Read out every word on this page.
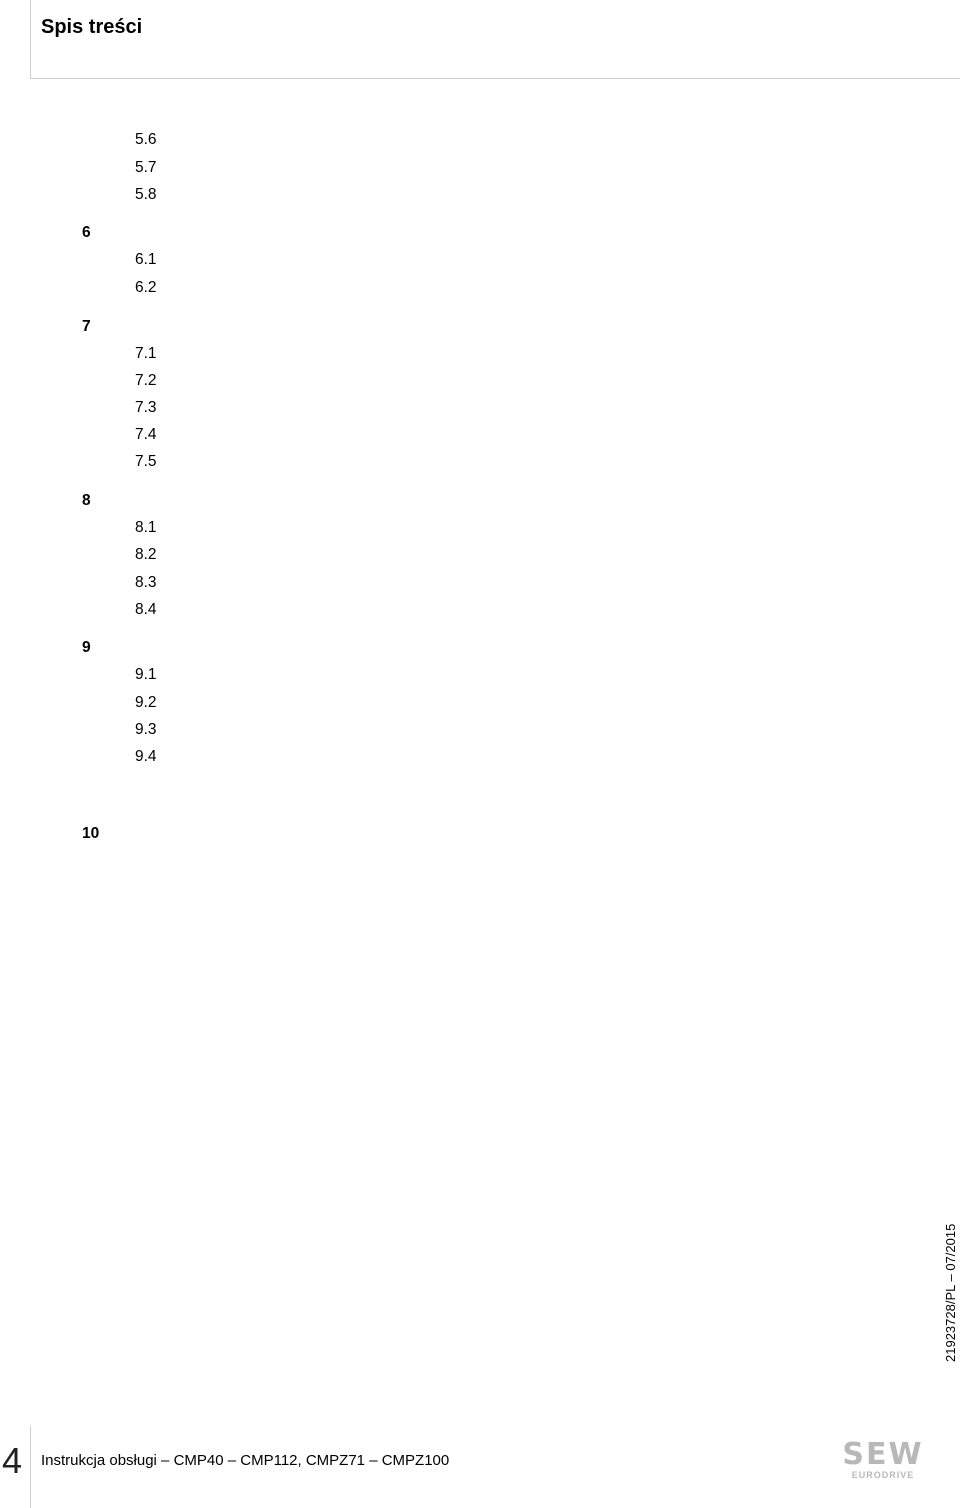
Spis treści
5.6
5.7
5.8
6
6.1
6.2
7
7.1
7.2
7.3
7.4
7.5
8
8.1
8.2
8.3
8.4
9
9.1
9.2
9.3
9.4
10
21923728/PL – 07/2015
4 Instrukcja obsługi – CMP40 – CMP112, CMPZ71 – CMPZ100	SEW
EURODRIVE
